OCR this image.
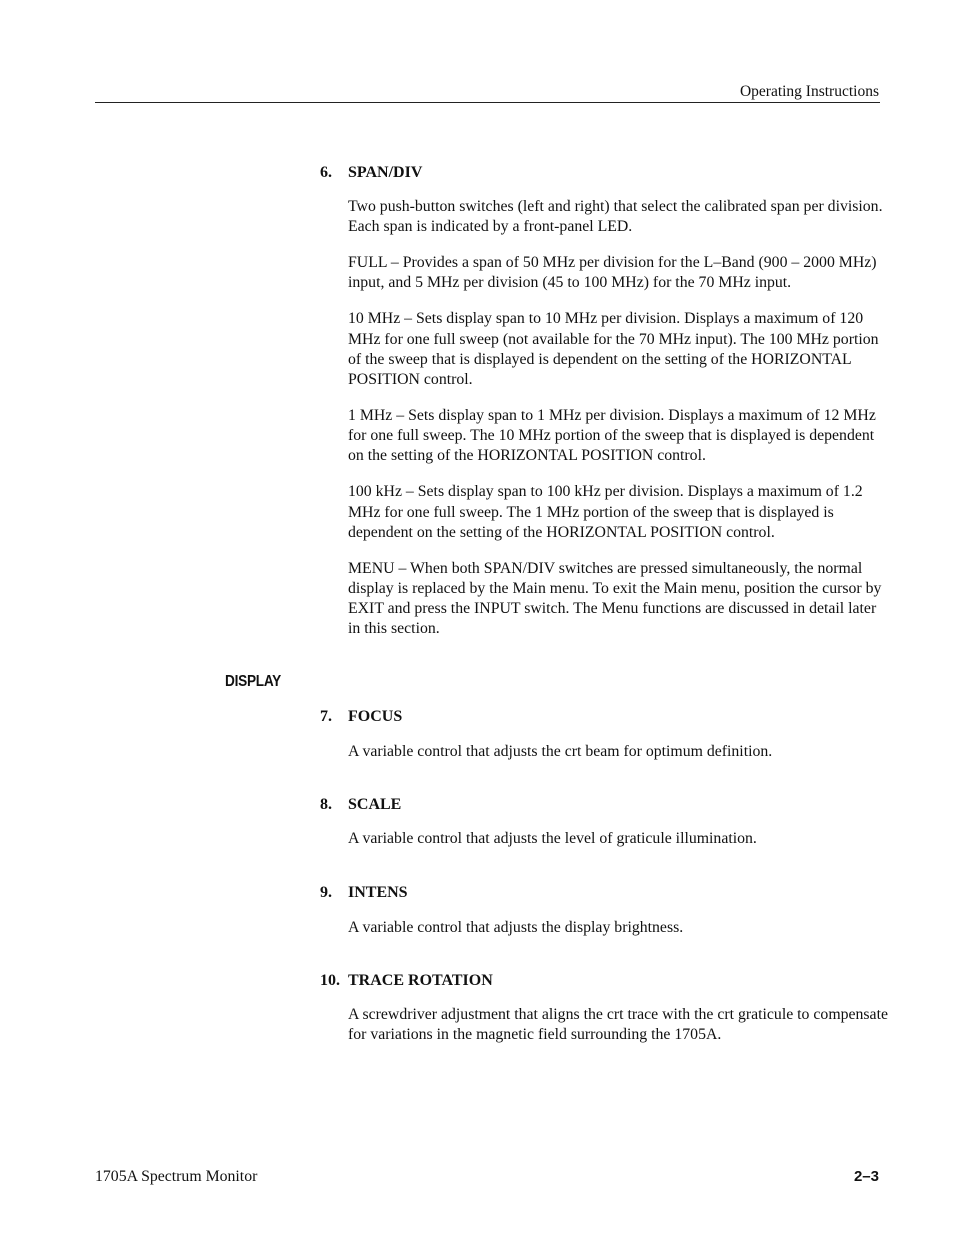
Operating Instructions
6.	SPAN/DIV

Two push-button switches (left and right) that select the calibrated span per division. Each span is indicated by a front-panel LED.

FULL – Provides a span of 50 MHz per division for the L–Band (900 – 2000 MHz) input, and 5 MHz per division (45 to 100 MHz) for the 70 MHz input.

10 MHz – Sets display span to 10 MHz per division. Displays a maximum of 120 MHz for one full sweep (not available for the 70 MHz input). The 100 MHz portion of the sweep that is displayed is dependent on the setting of the HORIZONTAL POSITION control.

1 MHz – Sets display span to 1 MHz per division. Displays a maximum of 12 MHz for one full sweep. The 10 MHz portion of the sweep that is displayed is dependent on the setting of the HORIZONTAL POSITION control.

100 kHz – Sets display span to 100 kHz per division. Displays a maximum of 1.2 MHz for one full sweep. The 1 MHz portion of the sweep that is displayed is dependent on the setting of the HORIZONTAL POSITION control.

MENU – When both SPAN/DIV switches are pressed simultaneously, the normal display is replaced by the Main menu. To exit the Main menu, position the cursor by EXIT and press the INPUT switch. The Menu functions are discussed in detail later in this section.

DISPLAY
7.	FOCUS

A variable control that adjusts the crt beam for optimum definition.

8.	SCALE

A variable control that adjusts the level of graticule illumination.

9.	INTENS

A variable control that adjusts the display brightness.

10. TRACE ROTATION

A screwdriver adjustment that aligns the crt trace with the crt graticule to compensate for variations in the magnetic field surrounding the 1705A.

1705A Spectrum Monitor	2–3
